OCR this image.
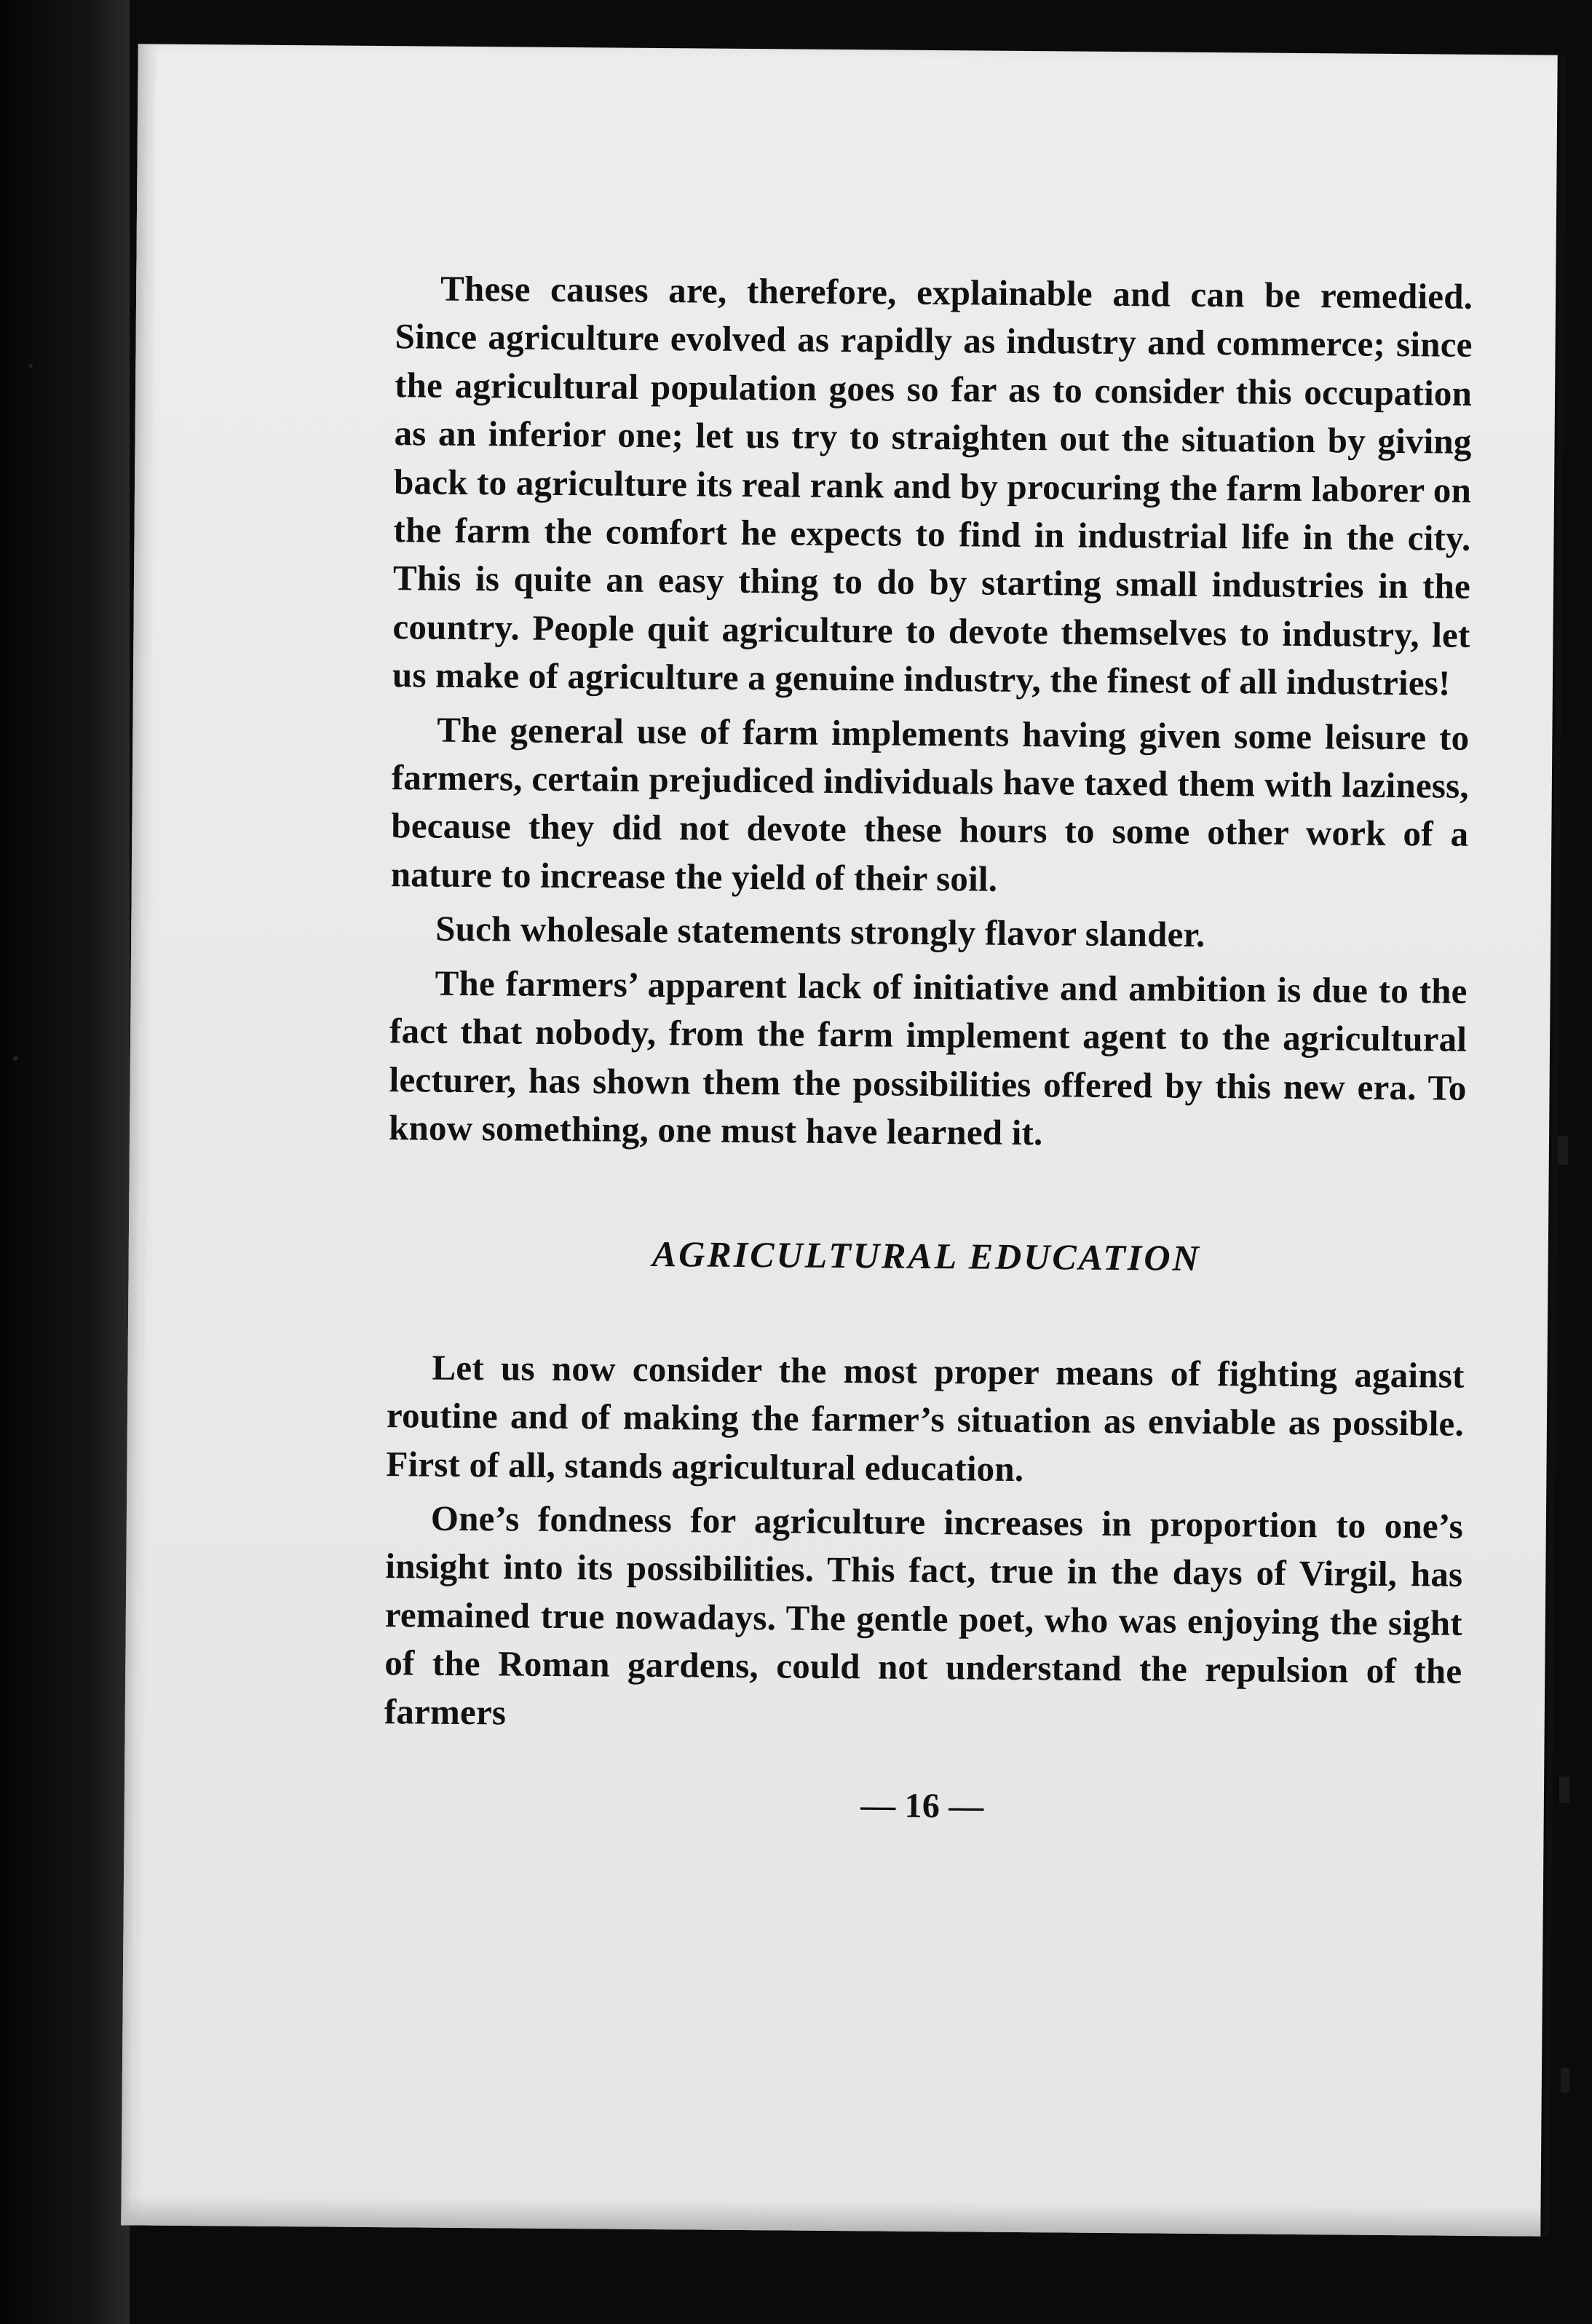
These causes are, therefore, explainable and can be remedied. Since agriculture evolved as rapidly as industry and commerce; since the agricultural population goes so far as to consider this occupation as an inferior one; let us try to straighten out the situation by giving back to agriculture its real rank and by procuring the farm laborer on the farm the comfort he expects to find in industrial life in the city. This is quite an easy thing to do by starting small industries in the country. People quit agriculture to devote themselves to industry, let us make of agriculture a genuine industry, the finest of all industries!

The general use of farm implements having given some leisure to farmers, certain prejudiced individuals have taxed them with laziness, because they did not devote these hours to some other work of a nature to increase the yield of their soil.

Such wholesale statements strongly flavor slander.

The farmers’ apparent lack of initiative and ambition is due to the fact that nobody, from the farm implement agent to the agricultural lecturer, has shown them the possibilities offered by this new era. To know something, one must have learned it.

AGRICULTURAL EDUCATION

Let us now consider the most proper means of fighting against routine and of making the farmer’s situation as enviable as possible. First of all, stands agricultural education.

One’s fondness for agriculture increases in proportion to one’s insight into its possibilities. This fact, true in the days of Virgil, has remained true nowadays. The gentle poet, who was enjoying the sight of the Roman gardens, could not understand the repulsion of the farmers

— 16 —
